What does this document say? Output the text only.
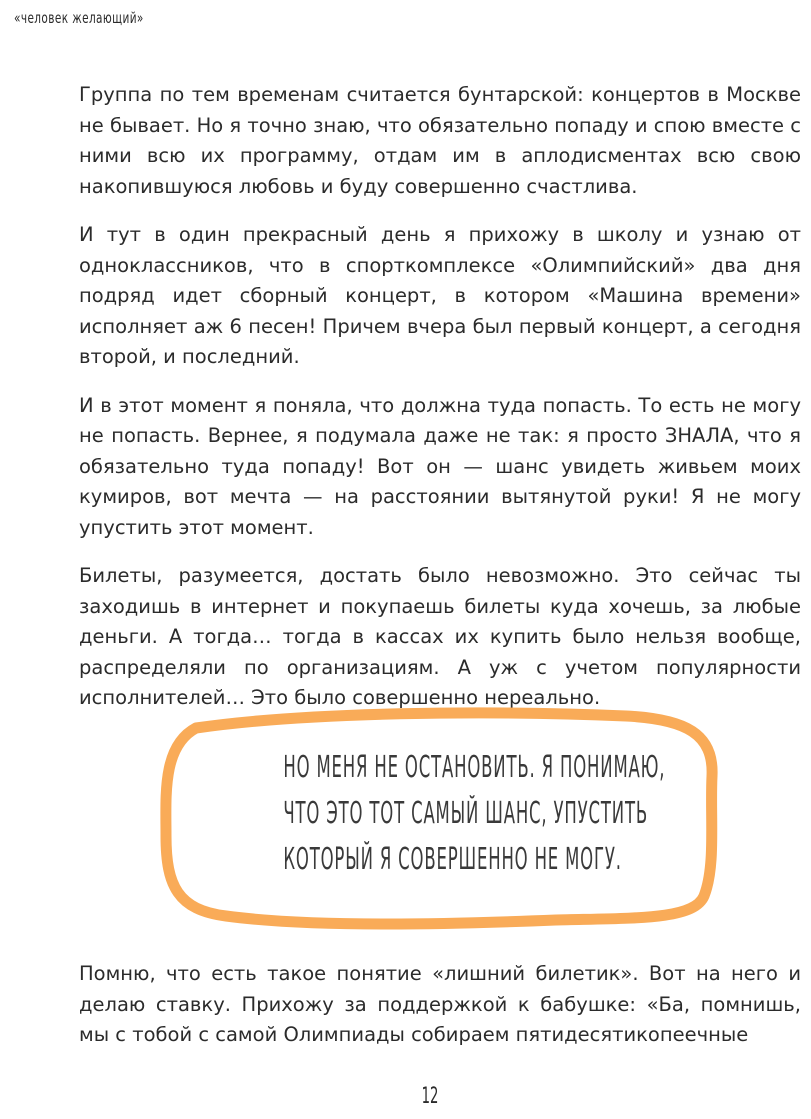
«человек желающий»

Группа по тем временам считается бунтарской: концертов в Москве не бывает. Но я точно знаю, что обязательно попаду и спою вместе с ними всю их программу, отдам им в аплодисментах всю свою накопившуюся любовь и буду совершенно счастлива.

И тут в один прекрасный день я прихожу в школу и узнаю от одноклассников, что в спорткомплексе «Олимпийский» два дня подряд идет сборный концерт, в котором «Машина времени» исполняет аж 6 песен! Причем вчера был первый концерт, а сегодня второй, и последний.

И в этот момент я поняла, что должна туда попасть. То есть не могу не попасть. Вернее, я подумала даже не так: я просто ЗНАЛА, что я обязательно туда попаду! Вот он — шанс увидеть живьем моих кумиров, вот мечта — на расстоянии вытянутой руки! Я не могу упустить этот момент.

Билеты, разумеется, достать было невозможно. Это сейчас ты заходишь в интернет и покупаешь билеты куда хочешь, за любые деньги. А тогда… тогда в кассах их купить было нельзя вообще, распределяли по организациям. А уж с учетом популярности исполнителей… Это было совершенно нереально.

НО МЕНЯ НЕ ОСТАНОВИТЬ. Я ПОНИМАЮ,
ЧТО ЭТО ТОТ САМЫЙ ШАНС, УПУСТИТЬ
КОТОРЫЙ Я СОВЕРШЕННО НЕ МОГУ.

Помню, что есть такое понятие «лишний билетик». Вот на него и делаю ставку. Прихожу за поддержкой к бабушке: «Ба, помнишь, мы с тобой с самой Олимпиады собираем пятидесятикопеечные

12
